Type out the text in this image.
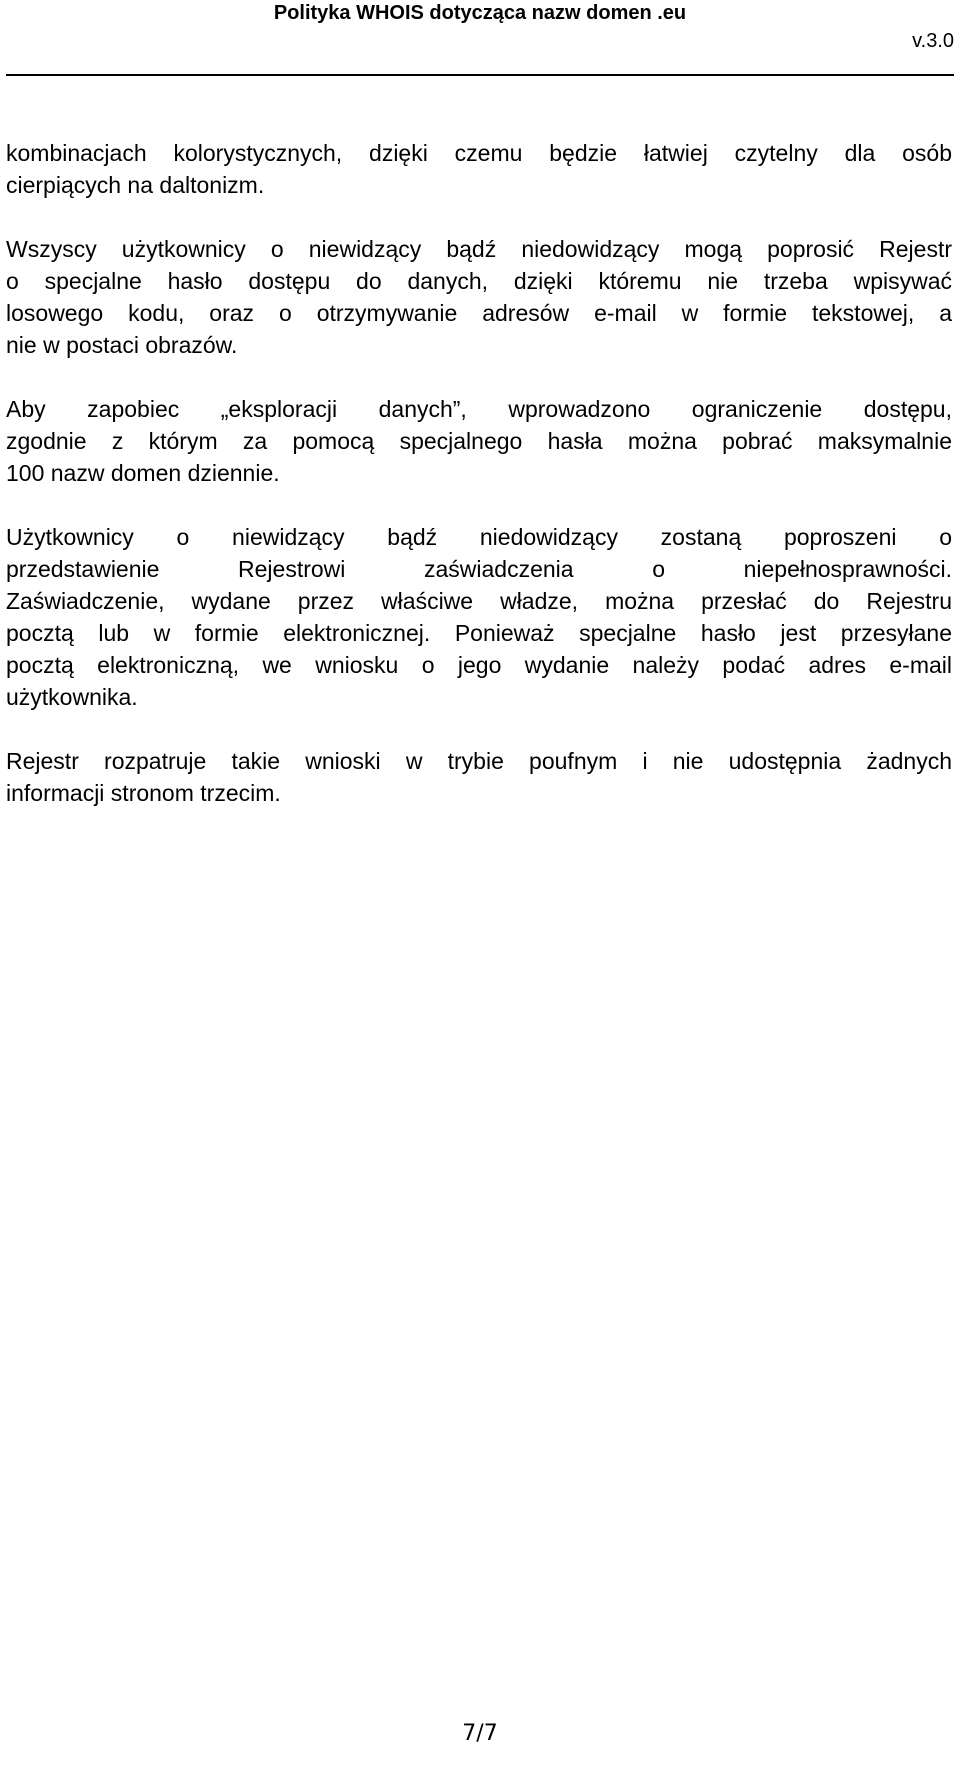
Polityka WHOIS dotycząca nazw domen .eu
v.3.0

kombinacjach kolorystycznych, dzięki czemu będzie łatwiej czytelny dla osób
cierpiących na daltonizm.

Wszyscy użytkownicy o niewidzący bądź niedowidzący mogą poprosić Rejestr
o specjalne hasło dostępu do danych, dzięki któremu nie trzeba wpisywać
losowego kodu, oraz o otrzymywanie adresów e-mail w formie tekstowej, a
nie w postaci obrazów.

Aby zapobiec „eksploracji danych”, wprowadzono ograniczenie dostępu,
zgodnie z którym za pomocą specjalnego hasła można pobrać maksymalnie
100 nazw domen dziennie.

Użytkownicy o niewidzący bądź niedowidzący zostaną poproszeni o
przedstawienie Rejestrowi zaświadczenia o niepełnosprawności.
Zaświadczenie, wydane przez właściwe władze, można przesłać do Rejestru
pocztą lub w formie elektronicznej. Ponieważ specjalne hasło jest przesyłane
pocztą elektroniczną, we wniosku o jego wydanie należy podać adres e-mail
użytkownika.

Rejestr rozpatruje takie wnioski w trybie poufnym i nie udostępnia żadnych
informacji stronom trzecim.

7/7
